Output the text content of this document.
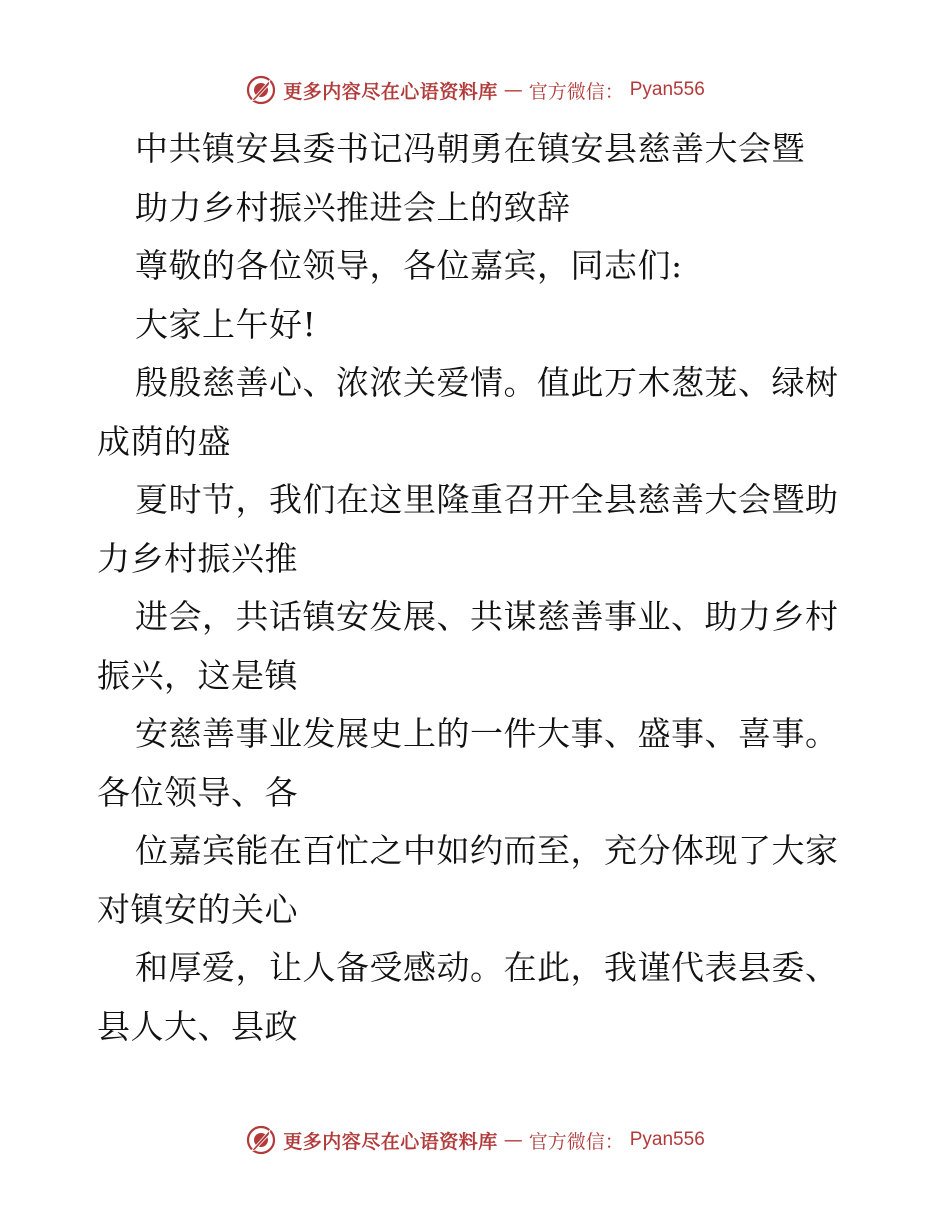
更多内容尽在心语资料库 — 官方微信： Pyan556
中共镇安县委书记冯朝勇在镇安县慈善大会暨
助力乡村振兴推进会上的致辞
尊敬的各位领导，各位嘉宾，同志们:
大家上午好!
殷殷慈善心、浓浓关爱情。值此万木葱茏、绿树
成荫的盛
夏时节，我们在这里隆重召开全县慈善大会暨助
力乡村振兴推
进会，共话镇安发展、共谋慈善事业、助力乡村
振兴，这是镇
安慈善事业发展史上的一件大事、盛事、喜事。
各位领导、各
位嘉宾能在百忙之中如约而至，充分体现了大家
对镇安的关心
和厚爱，让人备受感动。在此，我谨代表县委、
县人大、县政
更多内容尽在心语资料库 — 官方微信： Pyan556
